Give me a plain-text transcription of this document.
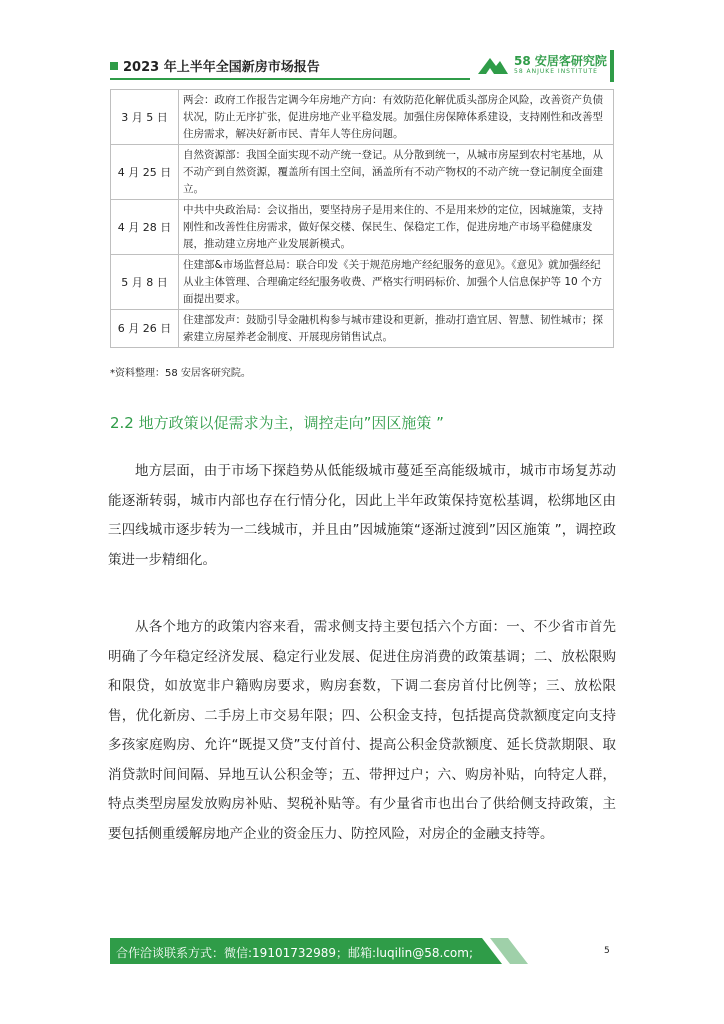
2023 年上半年全国新房市场报告	58 安居客研究院
58 ANJUKE INSTITUTE
3 月 5 日	两会：政府工作报告定调今年房地产方向：有效防范化解优质头部房企风险，改善资产负债状况，防止无序扩张，促进房地产业平稳发展。加强住房保障体系建设，支持刚性和改善型住房需求，解决好新市民、青年人等住房问题。
4 月 25 日	自然资源部：我国全面实现不动产统一登记。从分散到统一，从城市房屋到农村宅基地，从不动产到自然资源，覆盖所有国土空间，涵盖所有不动产物权的不动产统一登记制度全面建立。
4 月 28 日	中共中央政治局：会议指出，要坚持房子是用来住的、不是用来炒的定位，因城施策，支持刚性和改善性住房需求，做好保交楼、保民生、保稳定工作，促进房地产市场平稳健康发展，推动建立房地产业发展新模式。
5 月 8 日	住建部&市场监督总局：联合印发《关于规范房地产经纪服务的意见》。《意见》就加强经纪从业主体管理、合理确定经纪服务收费、严格实行明码标价、加强个人信息保护等 10 个方面提出要求。
6 月 26 日	住建部发声：鼓励引导金融机构参与城市建设和更新，推动打造宜居、智慧、韧性城市；探索建立房屋养老金制度、开展现房销售试点。
*资料整理：58 安居客研究院。
2.2 地方政策以促需求为主，调控走向”因区施策 ”

地方层面，由于市场下探趋势从低能级城市蔓延至高能级城市，城市市场复苏动能逐渐转弱，城市内部也存在行情分化，因此上半年政策保持宽松基调，松绑地区由三四线城市逐步转为一二线城市，并且由”因城施策“逐渐过渡到”因区施策 ”，调控政策进一步精细化。

从各个地方的政策内容来看，需求侧支持主要包括六个方面：一、不少省市首先明确了今年稳定经济发展、稳定行业发展、促进住房消费的政策基调；二、放松限购和限贷，如放宽非户籍购房要求，购房套数，下调二套房首付比例等；三、放松限售，优化新房、二手房上市交易年限；四、公积金支持，包括提高贷款额度定向支持多孩家庭购房、允许“既提又贷”支付首付、提高公积金贷款额度、延长贷款期限、取消贷款时间间隔、异地互认公积金等；五、带押过户；六、购房补贴，向特定人群，特点类型房屋发放购房补贴、契税补贴等。有少量省市也出台了供给侧支持政策，主要包括侧重缓解房地产企业的资金压力、防控风险，对房企的金融支持等。

合作洽谈联系方式：微信:19101732989；邮箱:luqilin@58.com;	5
